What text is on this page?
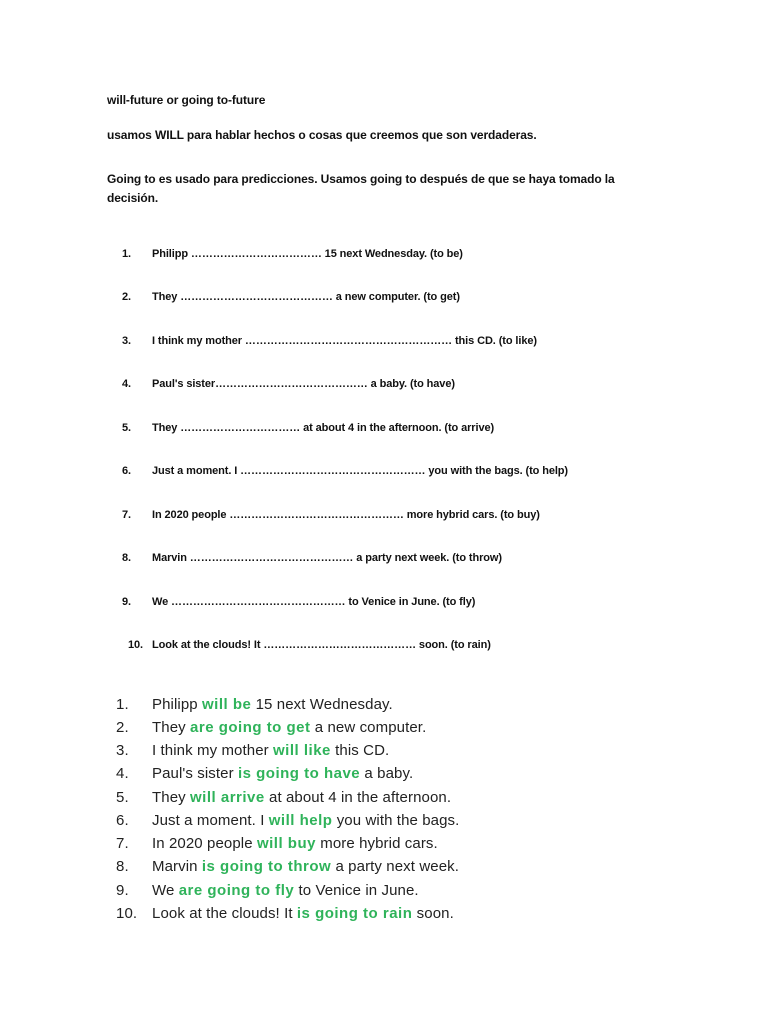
will-future or going to-future
usamos WILL para hablar hechos o cosas que creemos que son verdaderas.
Going to es usado para predicciones. Usamos going to después de que se haya tomado la decisión.
1. Philipp ……………………………… 15 next Wednesday. (to be)
2. They …………………………………… a new computer. (to get)
3. I think my mother ………………………………………………… this CD. (to like)
4. Paul's sister…………………………………… a baby. (to have)
5. They …………………………… at about 4 in the afternoon. (to arrive)
6. Just a moment. I …………………………………………… you with the bags. (to help)
7. In 2020 people ………………………………………… more hybrid cars. (to buy)
8. Marvin ……………………………………… a party next week. (to throw)
9. We ………………………………………… to Venice in June. (to fly)
10. Look at the clouds! It …………………………………… soon. (to rain)
1. Philipp will be 15 next Wednesday.
2. They are going to get a new computer.
3. I think my mother will like this CD.
4. Paul's sister is going to have a baby.
5. They will arrive at about 4 in the afternoon.
6. Just a moment. I will help you with the bags.
7. In 2020 people will buy more hybrid cars.
8. Marvin is going to throw a party next week.
9. We are going to fly to Venice in June.
10. Look at the clouds! It is going to rain soon.
